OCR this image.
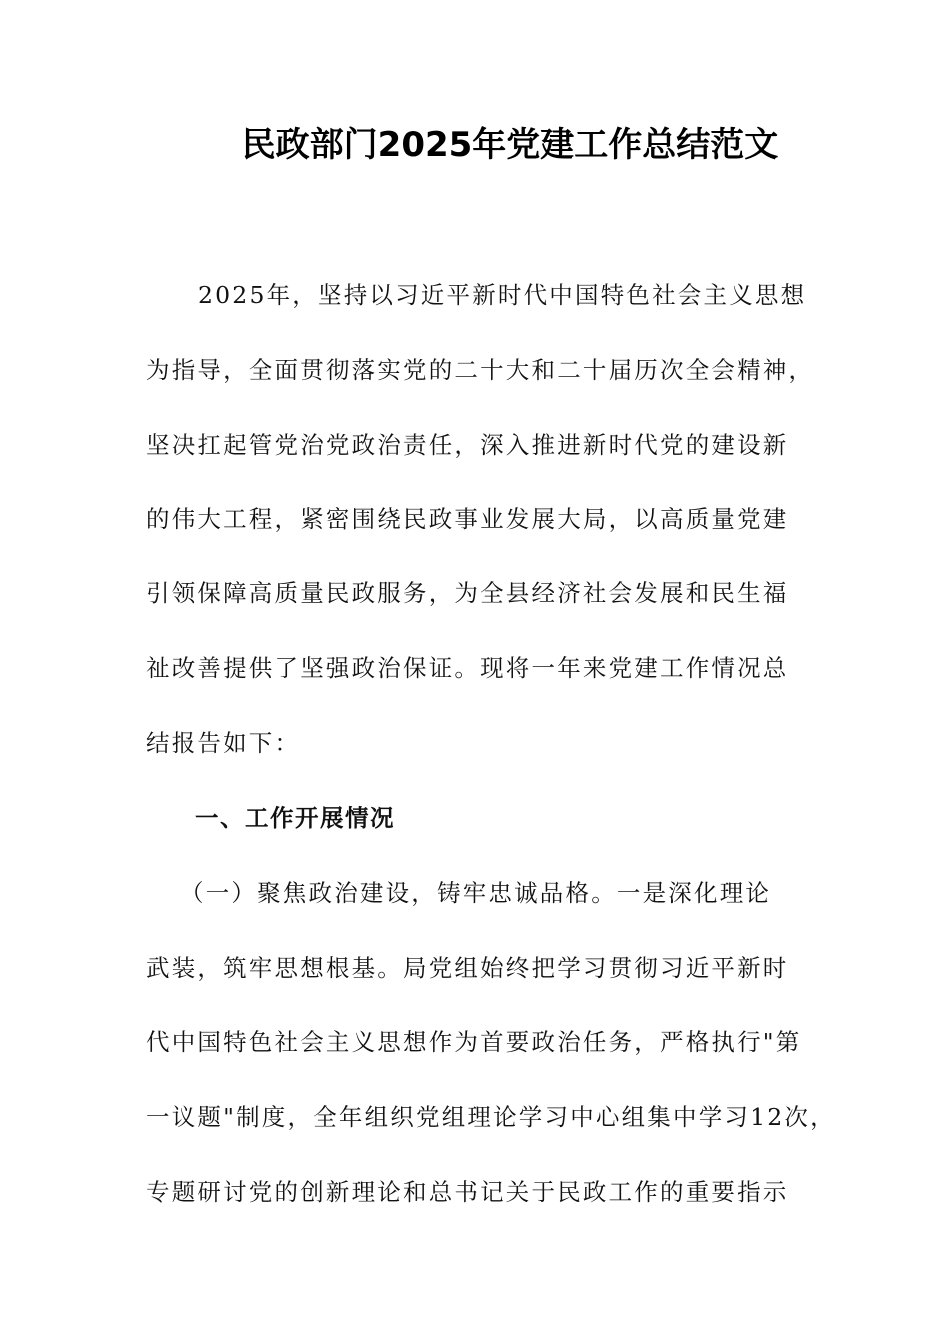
民政部门2025年党建工作总结范文
2025年，坚持以习近平新时代中国特色社会主义思想
为指导，全面贯彻落实党的二十大和二十届历次全会精神，
坚决扛起管党治党政治责任，深入推进新时代党的建设新
的伟大工程，紧密围绕民政事业发展大局，以高质量党建
引领保障高质量民政服务，为全县经济社会发展和民生福
祉改善提供了坚强政治保证。现将一年来党建工作情况总
结报告如下：
一、工作开展情况
（一）聚焦政治建设，铸牢忠诚品格。一是深化理论
武装，筑牢思想根基。局党组始终把学习贯彻习近平新时
代中国特色社会主义思想作为首要政治任务，严格执行"第
一议题"制度，全年组织党组理论学习中心组集中学习12次，
专题研讨党的创新理论和总书记关于民政工作的重要指示
